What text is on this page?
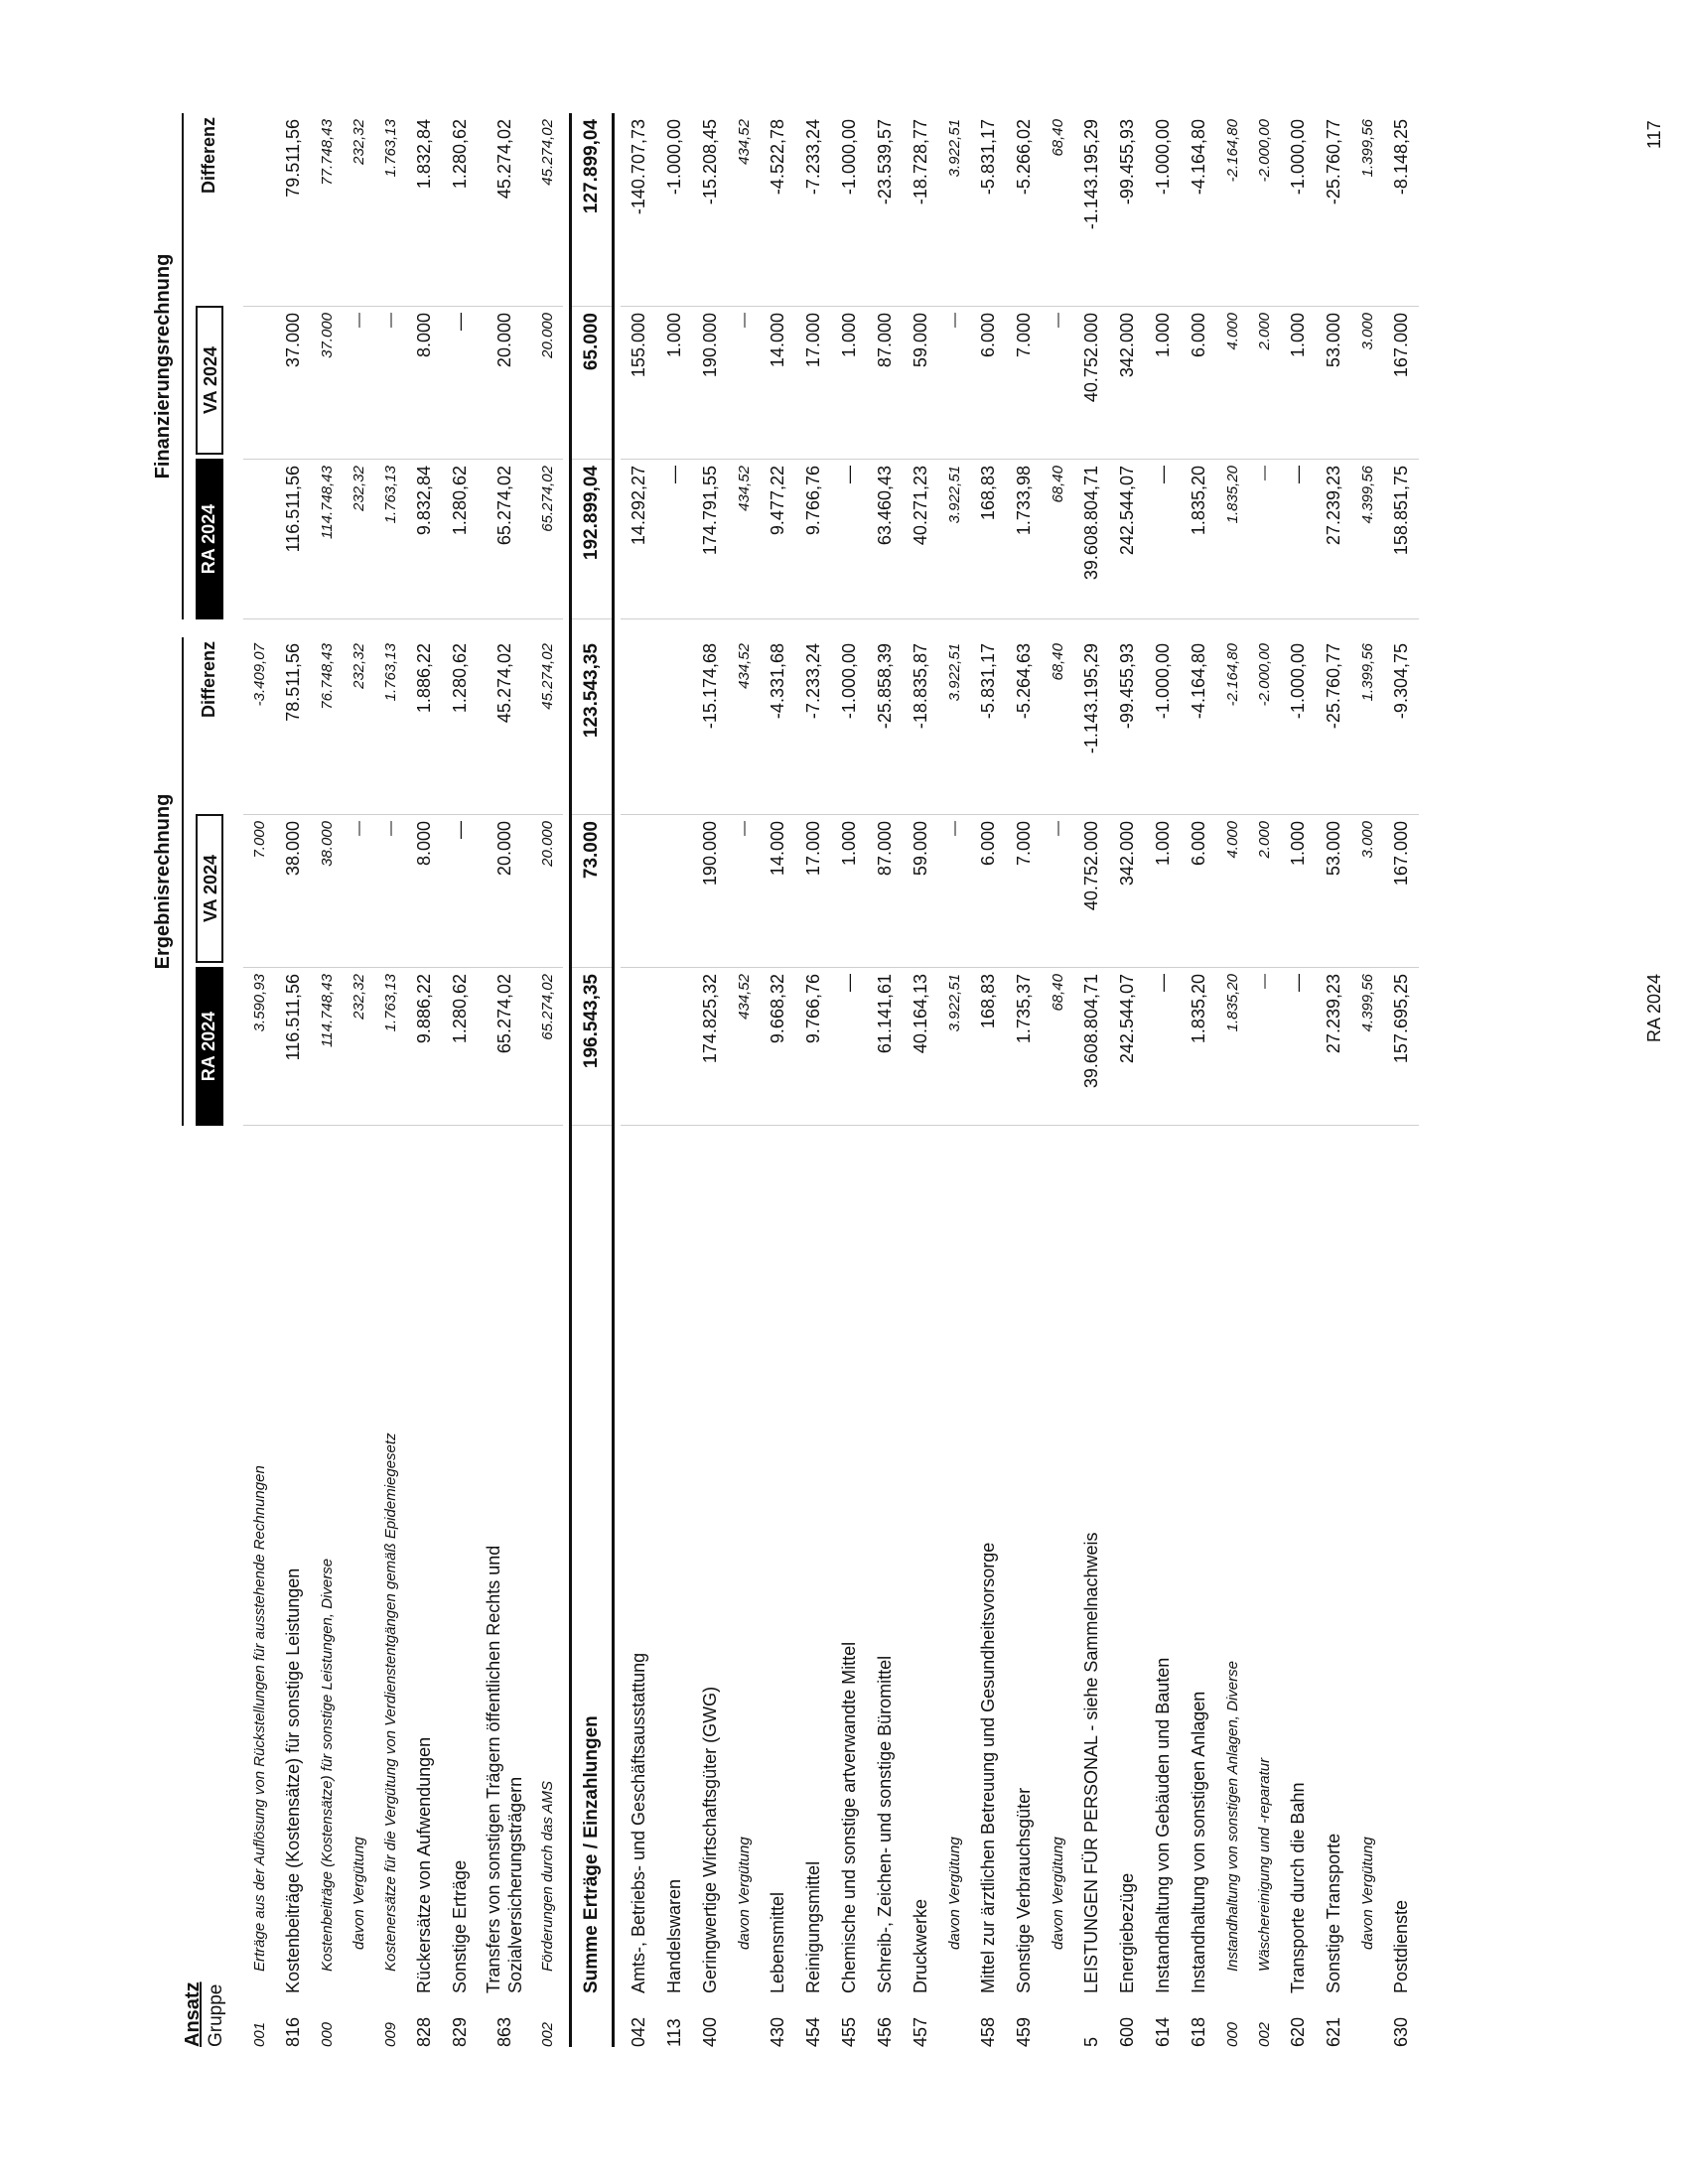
Ergebnisrechnung
Finanzierungsrechnung
Ansatz Gruppe
RA 2024
VA 2024
Differenz
RA 2024
VA 2024
Differenz
001
Erträge aus der Auflösung von Rückstellungen für ausstehende Rechnungen
3.590,93
7.000
-3.409,07
816
Kostenbeiträge (Kostensätze) für sonstige Leistungen
116.511,56
38.000
78.511,56
116.511,56
37.000
79.511,56
000
Kostenbeiträge (Kostensätze) für sonstige Leistungen, Diverse
114.748,43
38.000
76.748,43
114.748,43
37.000
77.748,43
davon Vergütung
232,32
—
232,32
232,32
—
232,32
009
Kostenersätze für die Vergütung von Verdienstentgängen gemäß Epidemiegesetz
1.763,13
—
1.763,13
1.763,13
—
1.763,13
828
Rückersätze von Aufwendungen
9.886,22
8.000
1.886,22
9.832,84
8.000
1.832,84
829
Sonstige Erträge
1.280,62
—
1.280,62
1.280,62
—
1.280,62
863
Transfers von sonstigen Trägern öffentlichen Rechts und Sozialversicherungsträgern
65.274,02
20.000
45.274,02
65.274,02
20.000
45.274,02
002
Förderungen durch das AMS
65.274,02
20.000
45.274,02
65.274,02
20.000
45.274,02
Summe Erträge / Einzahlungen
196.543,35
73.000
123.543,35
192.899,04
65.000
127.899,04
042
Amts-, Betriebs- und Geschäftsausstattung
14.292,27
155.000
-140.707,73
113
Handelswaren
—
1.000
-1.000,00
400
Geringwertige Wirtschaftsgüter (GWG)
174.825,32
190.000
-15.174,68
174.791,55
190.000
-15.208,45
davon Vergütung
434,52
—
434,52
434,52
—
434,52
430
Lebensmittel
9.668,32
14.000
-4.331,68
9.477,22
14.000
-4.522,78
454
Reinigungsmittel
9.766,76
17.000
-7.233,24
9.766,76
17.000
-7.233,24
455
Chemische und sonstige artverwandte Mittel
—
1.000
-1.000,00
—
1.000
-1.000,00
456
Schreib-, Zeichen- und sonstige Büromittel
61.141,61
87.000
-25.858,39
63.460,43
87.000
-23.539,57
457
Druckwerke
40.164,13
59.000
-18.835,87
40.271,23
59.000
-18.728,77
davon Vergütung
3.922,51
—
3.922,51
3.922,51
—
3.922,51
458
Mittel zur ärztlichen Betreuung und Gesundheitsvorsorge
168,83
6.000
-5.831,17
168,83
6.000
-5.831,17
459
Sonstige Verbrauchsgüter
1.735,37
7.000
-5.264,63
1.733,98
7.000
-5.266,02
davon Vergütung
68,40
—
68,40
68,40
—
68,40
5
LEISTUNGEN FÜR PERSONAL - siehe Sammelnachweis
39.608.804,71
40.752.000
-1.143.195,29
39.608.804,71
40.752.000
-1.143.195,29
600
Energiebezüge
242.544,07
342.000
-99.455,93
242.544,07
342.000
-99.455,93
614
Instandhaltung von Gebäuden und Bauten
—
1.000
-1.000,00
—
1.000
-1.000,00
618
Instandhaltung von sonstigen Anlagen
1.835,20
6.000
-4.164,80
1.835,20
6.000
-4.164,80
000
Instandhaltung von sonstigen Anlagen, Diverse
1.835,20
4.000
-2.164,80
1.835,20
4.000
-2.164,80
002
Wäschereinigung und -reparatur
—
2.000
-2.000,00
—
2.000
-2.000,00
620
Transporte durch die Bahn
—
1.000
-1.000,00
—
1.000
-1.000,00
621
Sonstige Transporte
27.239,23
53.000
-25.760,77
27.239,23
53.000
-25.760,77
davon Vergütung
4.399,56
3.000
1.399,56
4.399,56
3.000
1.399,56
630
Postdienste
157.695,25
167.000
-9.304,75
158.851,75
167.000
-8.148,25
RA 2024
117
